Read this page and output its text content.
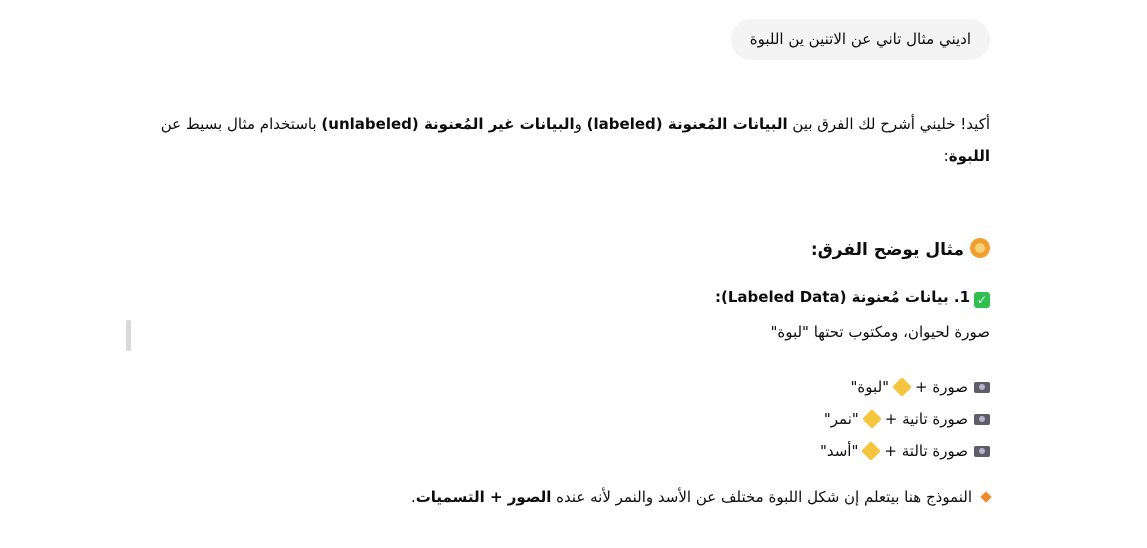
اديني مثال تاني عن الاتنين ين اللبوة

أكيد! خليني أشرح لك الفرق بين البيانات المُعنونة (labeled) والبيانات غير المُعنونة (unlabeled) باستخدام مثال بسيط عن اللبوة:

مثال يوضح الفرق:
✓1. بيانات مُعنونة (Labeled Data):

صورة لحيوان، ومكتوب تحتها "لبوة"

صورة +"لبوة"
صورة تانية +"نمر"
صورة تالتة +"أسد"

النموذج هنا بيتعلم إن شكل اللبوة مختلف عن الأسد والنمر لأنه عنده الصور + التسميات.
